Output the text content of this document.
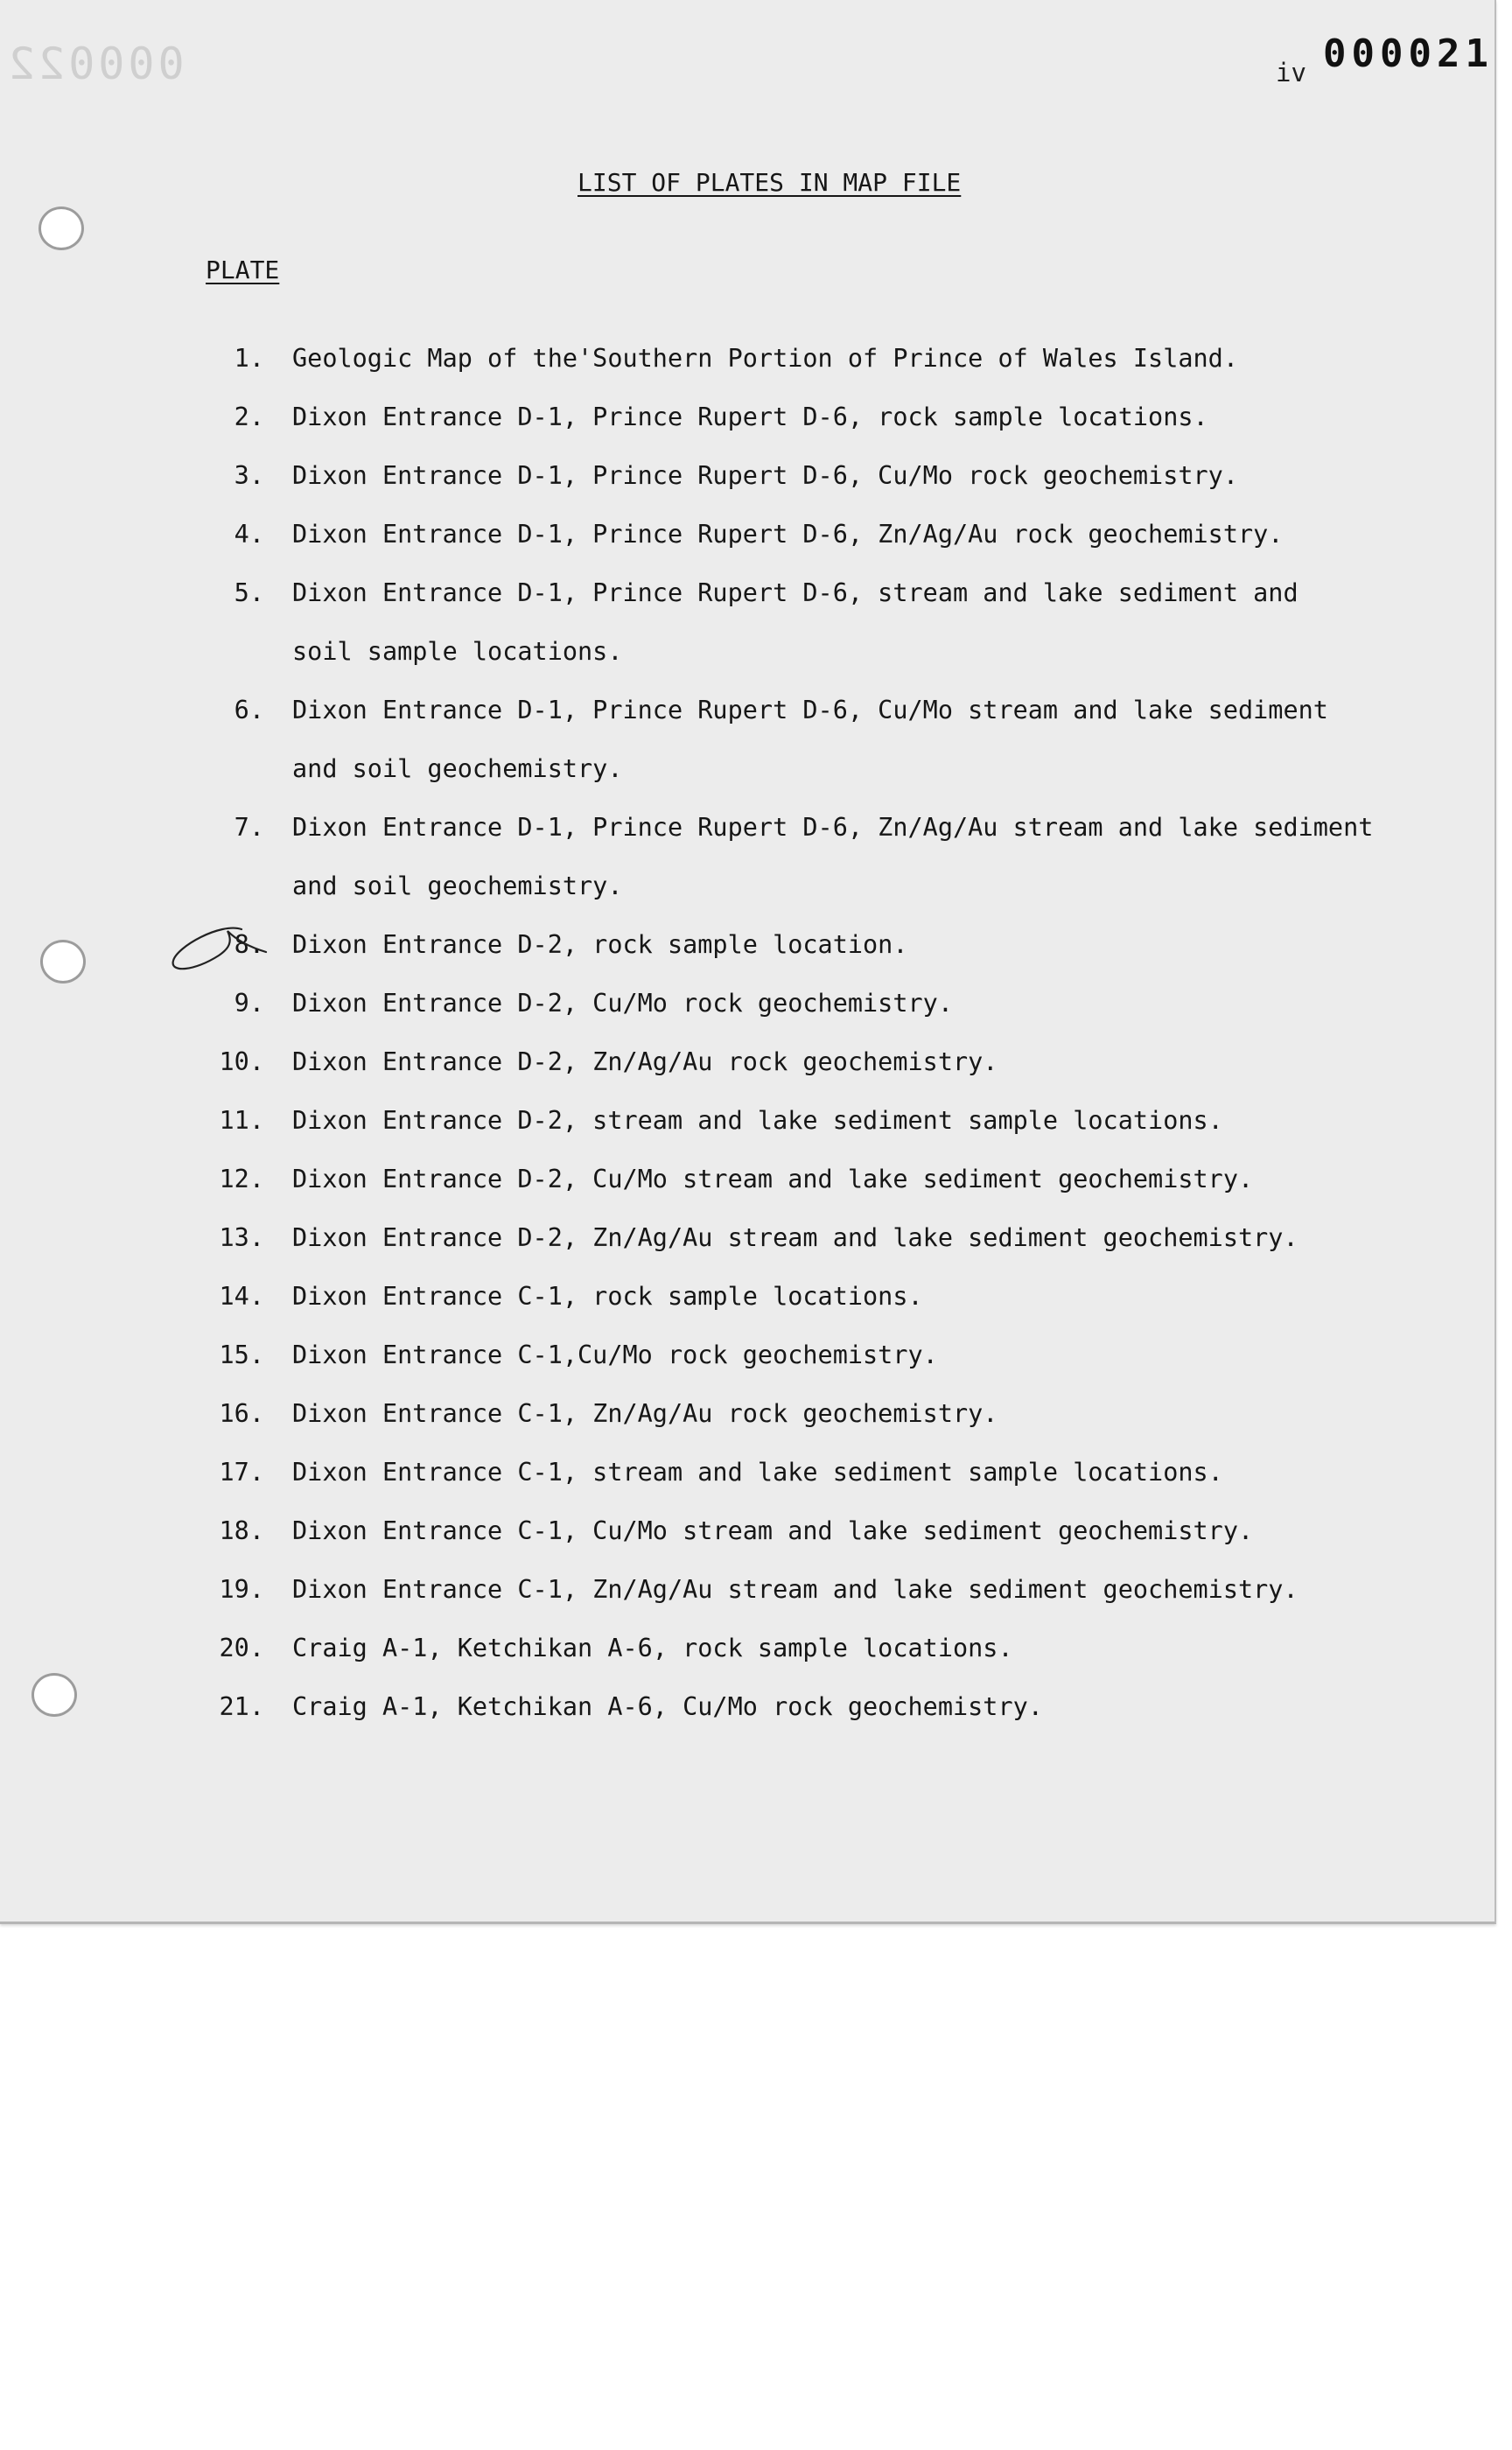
000022	iv 000021
LIST OF PLATES IN MAP FILE
PLATE
1. Geologic Map of the'Southern Portion of Prince of Wales Island.
2. Dixon Entrance D-1, Prince Rupert D-6, rock sample locations.
3. Dixon Entrance D-1, Prince Rupert D-6, Cu/Mo rock geochemistry.
4. Dixon Entrance D-1, Prince Rupert D-6, Zn/Ag/Au rock geochemistry.
5. Dixon Entrance D-1, Prince Rupert D-6, stream and lake sediment and
soil sample locations.
6. Dixon Entrance D-1, Prince Rupert D-6, Cu/Mo stream and lake sediment
and soil geochemistry.
7. Dixon Entrance D-1, Prince Rupert D-6, Zn/Ag/Au stream and lake sediment
and soil geochemistry.
8. Dixon Entrance D-2, rock sample location.
9. Dixon Entrance D-2, Cu/Mo rock geochemistry.
10. Dixon Entrance D-2, Zn/Ag/Au rock geochemistry.
11. Dixon Entrance D-2, stream and lake sediment sample locations.
12. Dixon Entrance D-2, Cu/Mo stream and lake sediment geochemistry.
13. Dixon Entrance D-2, Zn/Ag/Au stream and lake sediment geochemistry.
14. Dixon Entrance C-1, rock sample locations.
15. Dixon Entrance C-1,Cu/Mo rock geochemistry.
16. Dixon Entrance C-1, Zn/Ag/Au rock geochemistry.
17. Dixon Entrance C-1, stream and lake sediment sample locations.
18. Dixon Entrance C-1, Cu/Mo stream and lake sediment geochemistry.
19. Dixon Entrance C-1, Zn/Ag/Au stream and lake sediment geochemistry.
20. Craig A-1, Ketchikan A-6, rock sample locations.
21. Craig A-1, Ketchikan A-6, Cu/Mo rock geochemistry.
